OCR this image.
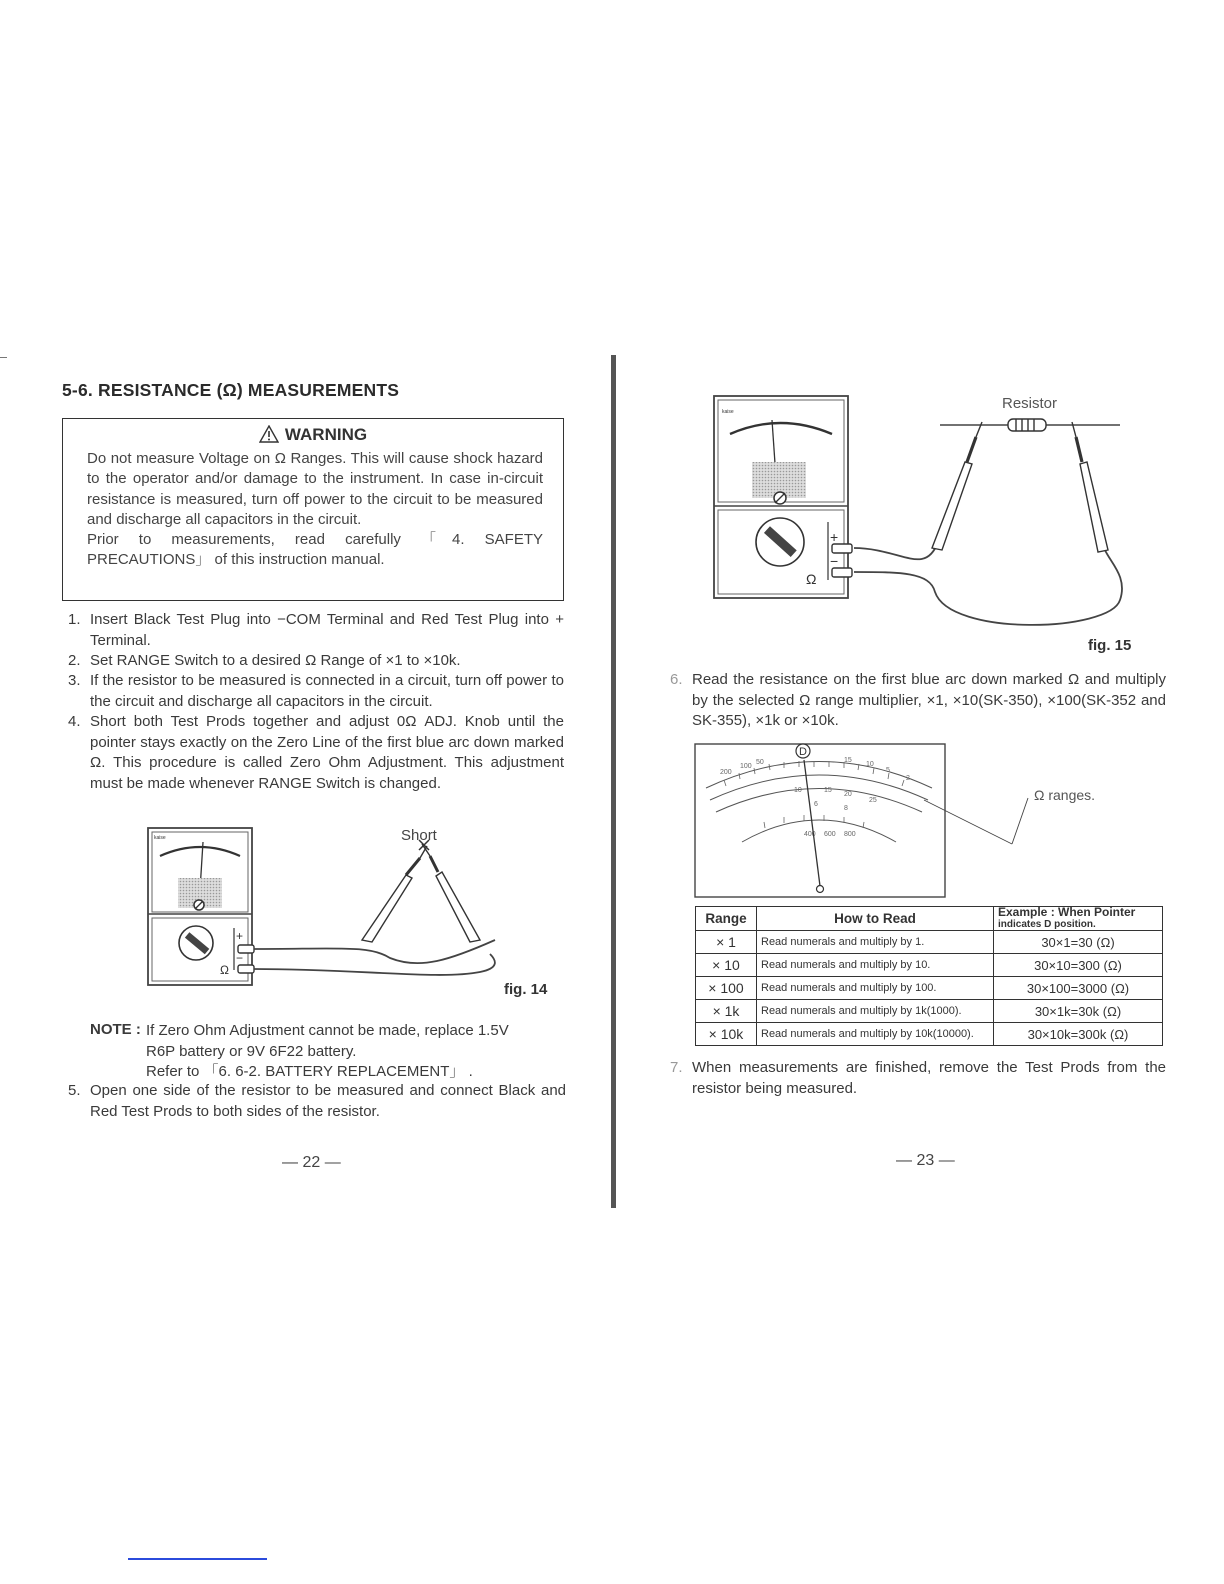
5-6. RESISTANCE (Ω) MEASUREMENTS
WARNING

Do not measure Voltage on Ω Ranges. This will cause shock hazard to the operator and/or damage to the instrument. In case in-circuit resistance is measured, turn off power to the circuit to be measured and discharge all capacitors in the circuit.

Prior to measurements, read carefully 「4. SAFETY PRECAUTIONS」 of this instruction manual.

1. Insert Black Test Plug into −COM Terminal and Red Test Plug into + Terminal.
2. Set RANGE Switch to a desired Ω Range of ×1 to ×10k.
3. If the resistor to be measured is connected in a circuit, turn off power to the circuit and discharge all capacitors in the circuit.
4. Short both Test Prods together and adjust 0Ω ADJ. Knob until the pointer stays exactly on the Zero Line of the first blue arc down marked Ω. This procedure is called Zero Ohm Adjustment. This adjustment must be made whenever RANGE Switch is changed.
kaise
+
−
Ω
Short
fig. 14
NOTE : If Zero Ohm Adjustment cannot be made, replace 1.5V
R6P battery or 9V 6F22 battery.
Refer to 「6. 6-2. BATTERY REPLACEMENT」 .
5. Open one side of the resistor to be measured and connect Black and Red Test Prods to both sides of the resistor.
— 22 —
kaise
+
−
Ω
Resistor
fig. 15
6. Read the resistance on the first blue arc down marked Ω and multiply by the selected Ω range multiplier, ×1, ×10(SK-350), ×100(SK-352 and SK-355), ×1k or ×10k.
200
100
50	15
10
5
2
10	15
20
25
6
8
400 600 800
D
Ω ranges.
Range	How to Read	Example : When Pointer
indicates D position.
× 1	Read numerals and multiply by 1.	30×1=30 (Ω)
× 10	Read numerals and multiply by 10.	30×10=300 (Ω)
× 100	Read numerals and multiply by 100.	30×100=3000 (Ω)
× 1k	Read numerals and multiply by 1k(1000).	30×1k=30k (Ω)
× 10k	Read numerals and multiply by 10k(10000).	30×10k=300k (Ω)
7. When measurements are finished, remove the Test Prods from the resistor being measured.
— 23 —
